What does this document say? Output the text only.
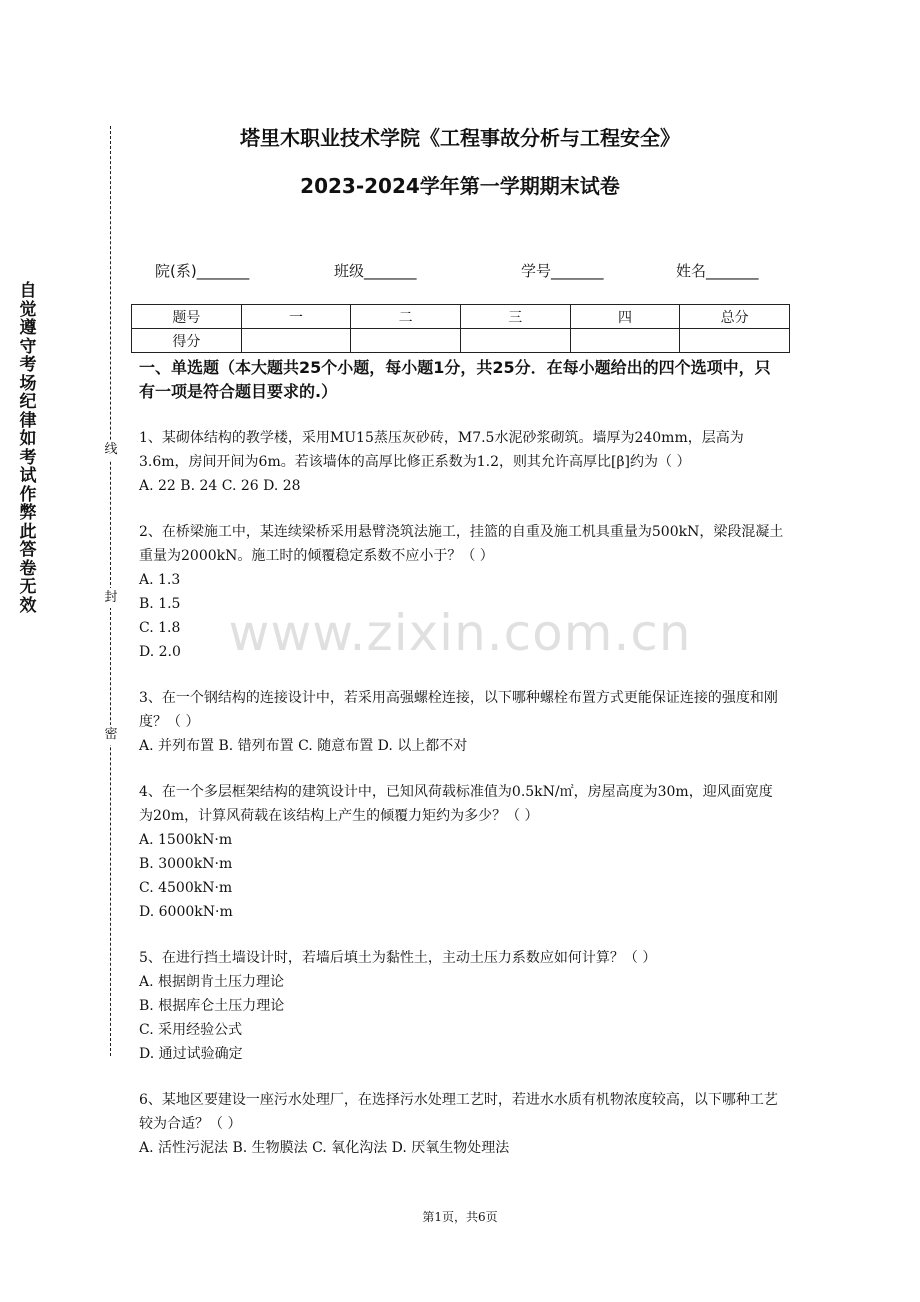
自觉遵守考场纪律如考试作弊此答卷无效
线
封
密
塔里木职业技术学院《工程事故分析与工程安全》
2023-2024学年第一学期期末试卷
院(系)_______	班级_______	学号_______	姓名_______
题号	一	二	三	四	总分
得分					
一、单选题（本大题共25个小题，每小题1分，共25分．在每小题给出的四个选项中，只有一项是符合题目要求的.）

1、某砌体结构的教学楼，采用MU15蒸压灰砂砖，M7.5水泥砂浆砌筑。墙厚为240mm，层高为3.6m，房间开间为6m。若该墙体的高厚比修正系数为1.2，则其允许高厚比[β]约为（ ）

A. 22 B. 24 C. 26 D. 28

2、在桥梁施工中，某连续梁桥采用悬臂浇筑法施工，挂篮的自重及施工机具重量为500kN，梁段混凝土重量为2000kN。施工时的倾覆稳定系数不应小于？（ ）

A. 1.3

B. 1.5

C. 1.8

D. 2.0

3、在一个钢结构的连接设计中，若采用高强螺栓连接，以下哪种螺栓布置方式更能保证连接的强度和刚度？（ ）

A. 并列布置 B. 错列布置 C. 随意布置 D. 以上都不对

4、在一个多层框架结构的建筑设计中，已知风荷载标准值为0.5kN/㎡，房屋高度为30m，迎风面宽度为20m，计算风荷载在该结构上产生的倾覆力矩约为多少？（ ）

A. 1500kN·m

B. 3000kN·m

C. 4500kN·m

D. 6000kN·m

5、在进行挡土墙设计时，若墙后填土为黏性土，主动土压力系数应如何计算？（ ）

A. 根据朗肯土压力理论

B. 根据库仑土压力理论

C. 采用经验公式

D. 通过试验确定

6、某地区要建设一座污水处理厂，在选择污水处理工艺时，若进水水质有机物浓度较高，以下哪种工艺较为合适？（ ）

A. 活性污泥法 B. 生物膜法 C. 氧化沟法 D. 厌氧生物处理法

www.zixin.com.cn
第1页，共6页
